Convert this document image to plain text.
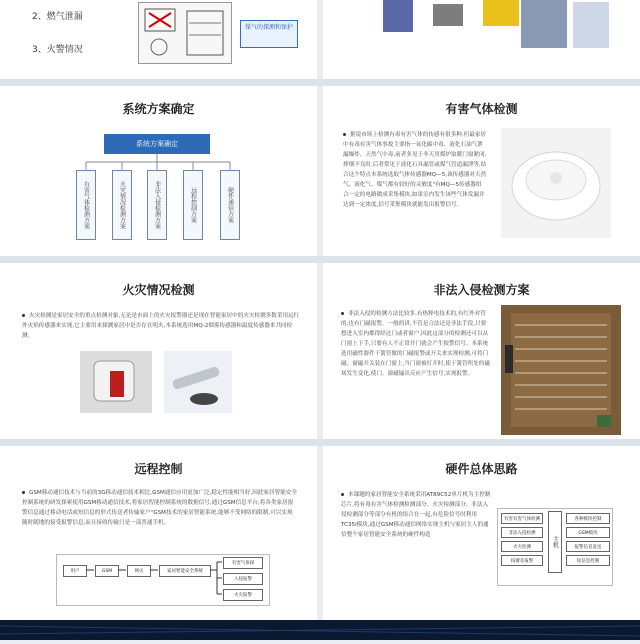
2、燃气泄漏
3、火警情况
煤气的探测和保护
系统方案确定
系统方案确定
有害气体检测方案	火灾情况检测方案	非法入侵检测方案	远程控制方案	硬件通信方案
有害气体检测
据说市场上检测有毒有害气体的传感有很多种,但最家居中有毒有害气体事故主要指一氧化碳中毒、液化石油气泄漏爆炸、天然气中毒,前者多见于冬天用煤炉取暖门窗紧闭,排烟不良时,后者常见于液化石具漏管或煤气管道漏泄等,结合这个特点本系统选取气体传感器MQ—5,该传感器对天然气、液化气、煤气都有较好的灵敏度"有MQ—5传感器组合一定的电路做成采集模块,如果室内发生该些气体发漏并达到一定浓度,信号采集模块就能发出报警信号。
火灾情况检测
火灾检测是家居安全的重点检测对象,无论是市面上的火灾报警器还是现在智能家居中的火灾检测多数采用远红外火焰传感器来实现,它主要用来探测家居中是否存在明火,本系统选用MQ-2烟雾传感器和温度传感器来共同检测。
非法入侵检测方案
非法入侵的检测方法比较多,有热释电技术的,有红外对管的,也有门磁报警。一般的讲,不管是合法还是非法手段,只要想进入室内都得经过门或者窗户,因此这部分的检测还可以从门窗上下手,只要有人不正常开门就会产生报警信号。本系统选用磁性器件干簧管做的门磁报警或开关来实现检测,可将门磁、窗磁开关装在门窗上,当门窗被打开时,使干簧管所处的磁场发生变化,使门、窗磁输出反应产生信号,实现报警。
远程控制
GSM移动通信技术与当前的3G移动通信技术相比,GSM通信应用更加广泛,稳定性能相当好,因此家居智能安全控制系统的研发探索使用GSM移动通信技术,将家居智能控制系统的数据信号,通过GSM信息平台,将各类家居报警信息通过移动电话或短信息的形式传送者传输家户"GSM技术的家居智能系统,能够不受网络的限制,可以实现随时随地的接受报警信息,而且接收传输只是一部普通手机。
用户	GSM	网关	家居智能安全系统
有害气体探
入侵报警
火灾报警
硬件总体思路
本课题的家居智能安全系统采用AT89C52单片机为主控制芯片,将有毒有害气体检测检测部分、火灾检测部分、非法入侵检测部分等部分有机的组合在一起,有危险信号时利用TC35i模块,通过GSM移动通信网络实现主机与家居主人的通信整个家居智能安全系统的硬件构造
有害有害气体检测
非法入侵检测
火灾检测
按键及报警
主机
各种模块控制
GSM模块
报警信息发送
短信息控制
